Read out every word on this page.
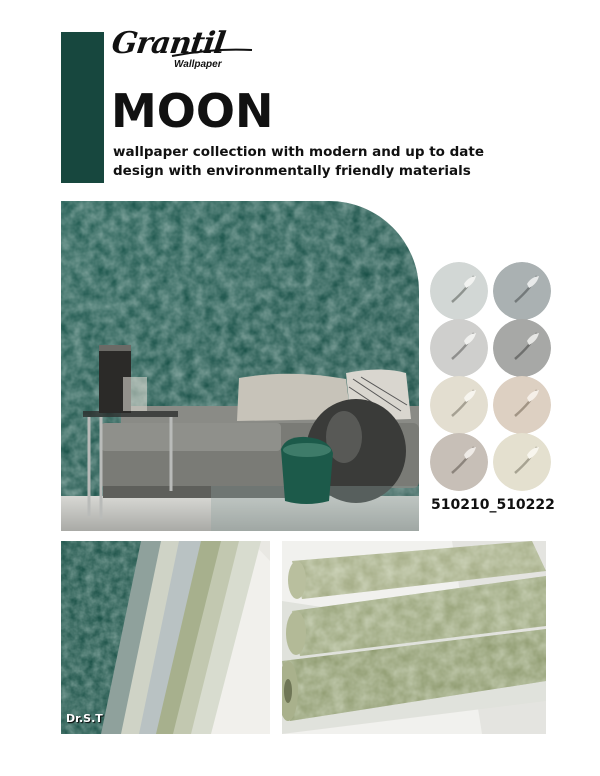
Grantil
Wallpaper
MOON
wallpaper collection with modern and up to date design with environmentally friendly materials
510210_510222
Dr.S.T
